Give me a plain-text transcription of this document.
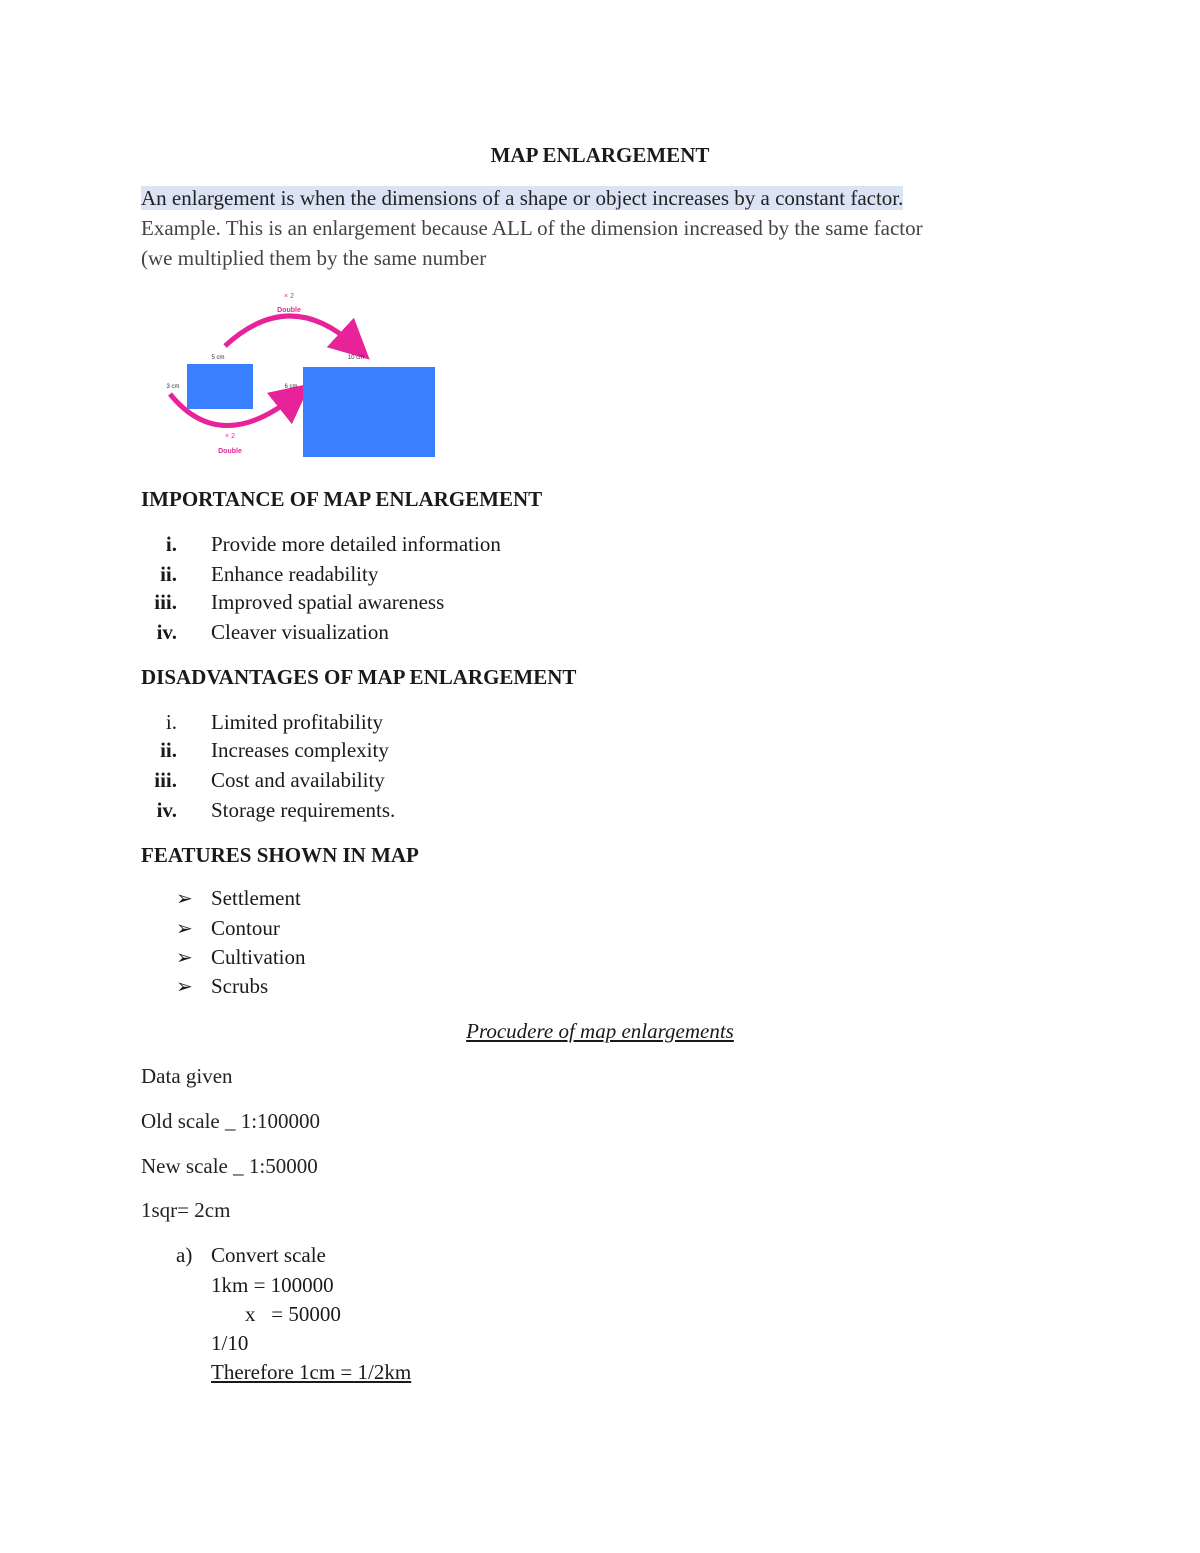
MAP ENLARGEMENT
An enlargement is when the dimensions of a shape or object increases by a constant factor.
Example. This is an enlargement because ALL of the dimension increased by the same factor
(we multiplied them by the same number
× 2
Double
5 cm	10 cm
3 cm	6 cm
× 2
Double
IMPORTANCE OF MAP ENLARGEMENT
i. Provide more detailed information
ii. Enhance readability
iii. Improved spatial awareness
iv. Cleaver visualization
DISADVANTAGES OF MAP ENLARGEMENT
i. Limited profitability
ii. Increases complexity
iii. Cost and availability
iv. Storage requirements.
FEATURES SHOWN IN MAP
➢ Settlement
➢ Contour
➢ Cultivation
➢ Scrubs
Procudere of map enlargements
Data given
Old scale _ 1:100000
New scale _ 1:50000
1sqr= 2cm
a) Convert scale
1km = 100000
x   = 50000
1/10
Therefore 1cm = 1/2km
